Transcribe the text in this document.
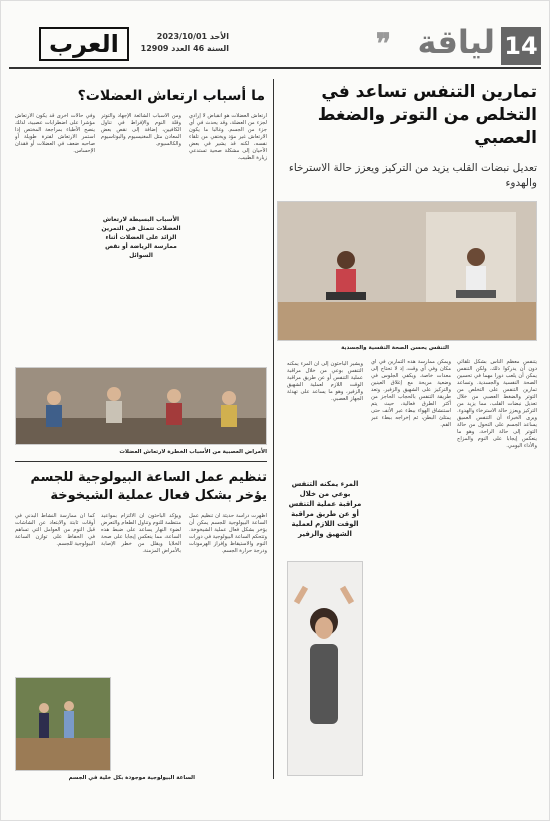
14
لياقة
❞
العرب	الأحد 2023/10/01
السنة 46 العدد 12909
تمارين التنفس تساعد في التخلص من التوتر والضغط العصبي
تعديل نبضات القلب يزيد من التركيز ويعزز حالة الاسترخاء والهدوء
التنفس يحسن الصحة النفسية والجسدية
يتنفس معظم الناس بشكل تلقائي دون أن يدركوا ذلك، ولكن التنفس يمكن أن يلعب دورا مهما في تحسين الصحة النفسية والجسدية. وتساعد تمارين التنفس على التخلص من التوتر والضغط العصبي من خلال تعديل نبضات القلب، مما يزيد من التركيز ويعزز حالة الاسترخاء والهدوء. ويرى الخبراء أن التنفس العميق يساعد الجسم على التحول من حالة التوتر إلى حالة الراحة، وهو ما ينعكس إيجابا على النوم والمزاج والأداء اليومي.
ويمكن ممارسة هذه التمارين في أي مكان وفي أي وقت، إذ لا تحتاج إلى معدات خاصة. ويكفي الجلوس في وضعية مريحة مع إغلاق العينين والتركيز على الشهيق والزفير. وتعد طريقة التنفس بالحجاب الحاجز من أكثر الطرق فعالية، حيث يتم استنشاق الهواء ببطء عبر الأنف حتى يمتلئ البطن، ثم إخراجه ببطء عبر الفم.
المرء يمكنه التنفس بوعي من خلال مراقبة عملية التنفس أو عن طريق مراقبة الوقت اللازم لعملية الشهيق والزفير
ويشير الباحثون إلى أن المرء يمكنه التنفس بوعي من خلال مراقبة عملية التنفس أو عن طريق مراقبة الوقت اللازم لعملية الشهيق والزفير، وهو ما يساعد على تهدئة الجهاز العصبي.
ما أسباب ارتعاش العضلات؟
ارتعاش العضلات هو انقباض لا إرادي لجزء من العضلة، وقد يحدث في أي جزء من الجسم. وغالبا ما يكون الارتعاش غير مؤذ ويختفي من تلقاء نفسه، لكنه قد يشير في بعض الأحيان إلى مشكلة صحية تستدعي زيارة الطبيب.
ومن الأسباب الشائعة الإجهاد والتوتر وقلة النوم والإفراط في تناول الكافيين، إضافة إلى نقص بعض المعادن مثل المغنيسيوم والبوتاسيوم والكالسيوم.
الأسباب البسيطة لارتعاش العضلات تتمثل في التمرين الزائد على العضلات أثناء ممارسة الرياضة أو نقص السوائل
وفي حالات أخرى قد يكون الارتعاش مؤشرا على اضطرابات عصبية، لذلك ينصح الأطباء بمراجعة المختص إذا استمر الارتعاش لفترة طويلة أو صاحبه ضعف في العضلات أو فقدان الإحساس.
الأمراض العصبية من الأسباب الخطرة لارتعاش العضلات
تنظيم عمل الساعة البيولوجية للجسم يؤخر بشكل فعال عملية الشيخوخة
أظهرت دراسة حديثة أن تنظيم عمل الساعة البيولوجية للجسم يمكن أن يؤخر بشكل فعال عملية الشيخوخة. وتتحكم الساعة البيولوجية في دورات النوم والاستيقاظ وإفراز الهرمونات ودرجة حرارة الجسم.
ويؤكد الباحثون أن الالتزام بمواعيد منتظمة للنوم وتناول الطعام والتعرض لضوء النهار يساعد على ضبط هذه الساعة، مما ينعكس إيجابا على صحة الخلايا ويقلل من خطر الإصابة بالأمراض المزمنة.
كما أن ممارسة النشاط البدني في أوقات ثابتة والابتعاد عن الشاشات قبل النوم من العوامل التي تساهم في الحفاظ على توازن الساعة البيولوجية للجسم.
الساعة البيولوجية موجودة بكل خلية في الجسم
